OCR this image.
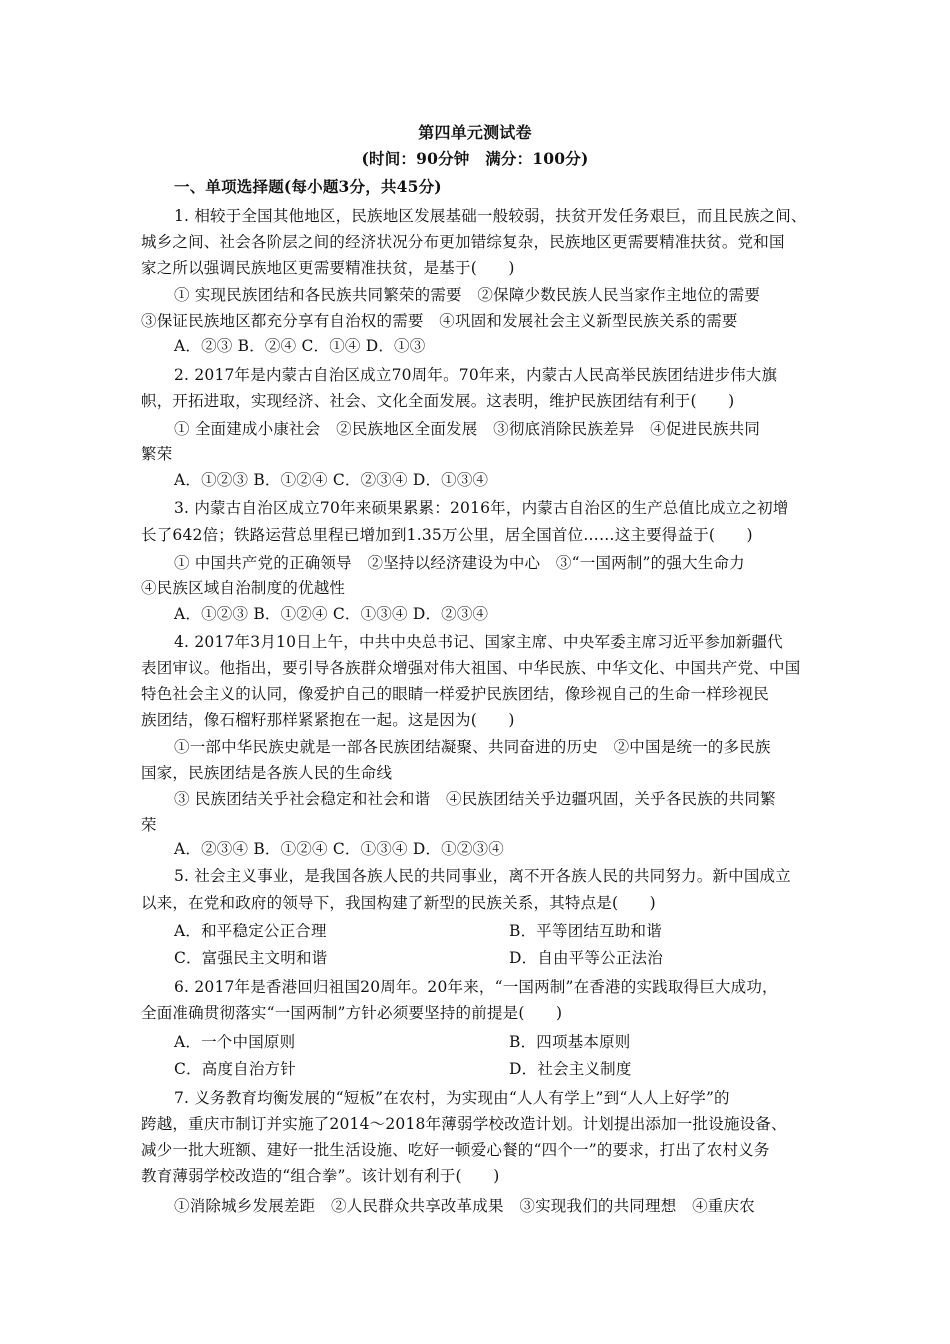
第四单元测试卷
(时间：90分钟　满分：100分)
一、单项选择题(每小题3分，共45分)
1. 相较于全国其他地区，民族地区发展基础一般较弱，扶贫开发任务艰巨，而且民族之间、
城乡之间、社会各阶层之间的经济状况分布更加错综复杂，民族地区更需要精准扶贫。党和国
家之所以强调民族地区更需要精准扶贫，是基于(　　)
① 实现民族团结和各民族共同繁荣的需要　②保障少数民族人民当家作主地位的需要
③保证民族地区都充分享有自治权的需要　④巩固和发展社会主义新型民族关系的需要
A．②③ B．②④ C．①④ D．①③
2. 2017年是内蒙古自治区成立70周年。70年来，内蒙古人民高举民族团结进步伟大旗
帜，开拓进取，实现经济、社会、文化全面发展。这表明，维护民族团结有利于(　　)
① 全面建成小康社会　②民族地区全面发展　③彻底消除民族差异　④促进民族共同
繁荣
A．①②③ B．①②④ C．②③④ D．①③④
3. 内蒙古自治区成立70年来硕果累累：2016年，内蒙古自治区的生产总值比成立之初增
长了642倍；铁路运营总里程已增加到1.35万公里，居全国首位……这主要得益于(　　)
① 中国共产党的正确领导　②坚持以经济建设为中心　③“一国两制”的强大生命力
④民族区域自治制度的优越性
A．①②③ B．①②④ C．①③④ D．②③④
4. 2017年3月10日上午，中共中央总书记、国家主席、中央军委主席习近平参加新疆代
表团审议。他指出，要引导各族群众增强对伟大祖国、中华民族、中华文化、中国共产党、中国
特色社会主义的认同，像爱护自己的眼睛一样爱护民族团结，像珍视自己的生命一样珍视民
族团结，像石榴籽那样紧紧抱在一起。这是因为(　　)
①一部中华民族史就是一部各民族团结凝聚、共同奋进的历史　②中国是统一的多民族
国家，民族团结是各族人民的生命线
③ 民族团结关乎社会稳定和社会和谐　④民族团结关乎边疆巩固，关乎各民族的共同繁
荣
A．②③④ B．①②④ C．①③④ D．①②③④
5. 社会主义事业，是我国各族人民的共同事业，离不开各族人民的共同努力。新中国成立
以来，在党和政府的领导下，我国构建了新型的民族关系，其特点是(　　)
A．和平稳定公正合理	B．平等团结互助和谐
C．富强民主文明和谐	D．自由平等公正法治
6. 2017年是香港回归祖国20周年。20年来，“一国两制”在香港的实践取得巨大成功，
全面准确贯彻落实“一国两制”方针必须要坚持的前提是(　　)
A．一个中国原则	B．四项基本原则
C．高度自治方针	D．社会主义制度
7. 义务教育均衡发展的“短板”在农村，为实现由“人人有学上”到“人人上好学”的
跨越，重庆市制订并实施了2014～2018年薄弱学校改造计划。计划提出添加一批设施设备、
减少一批大班额、建好一批生活设施、吃好一顿爱心餐的“四个一”的要求，打出了农村义务
教育薄弱学校改造的“组合拳”。该计划有利于(　　)
①消除城乡发展差距　②人民群众共享改革成果　③实现我们的共同理想　④重庆农
